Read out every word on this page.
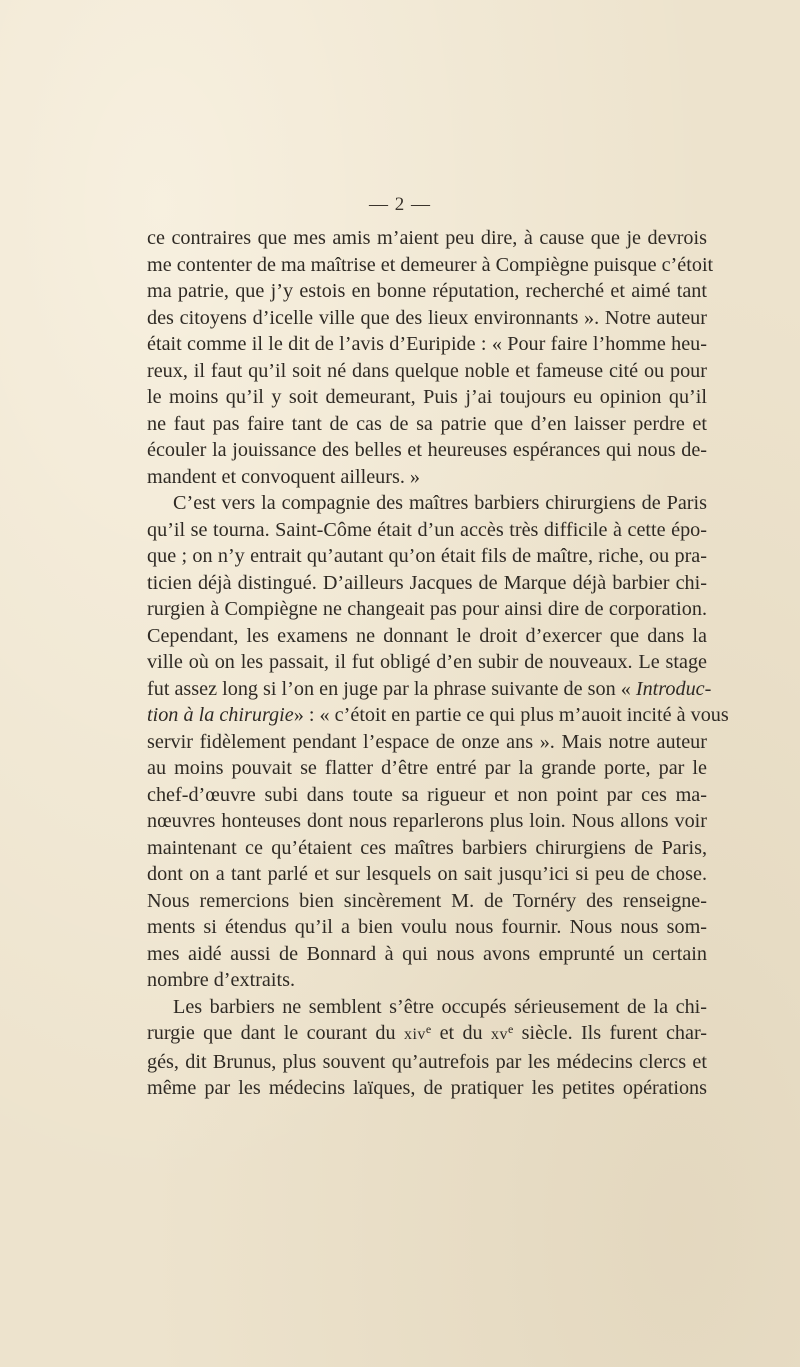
— 2 —

ce contraires que mes amis m’aient peu dire, à cause que je devrois
me contenter de ma maîtrise et demeurer à Compiègne puisque c’étoit
ma patrie, que j’y estois en bonne réputation, recherché et aimé tant
des citoyens d’icelle ville que des lieux environnants ». Notre auteur
était comme il le dit de l’avis d’Euripide : « Pour faire l’homme heu-
reux, il faut qu’il soit né dans quelque noble et fameuse cité ou pour
le moins qu’il y soit demeurant, Puis j’ai toujours eu opinion qu’il
ne faut pas faire tant de cas de sa patrie que d’en laisser perdre et
écouler la jouissance des belles et heureuses espérances qui nous de-
mandent et convoquent ailleurs. »

C’est vers la compagnie des maîtres barbiers chirurgiens de Paris
qu’il se tourna. Saint-Côme était d’un accès très difficile à cette épo-
que ; on n’y entrait qu’autant qu’on était fils de maître, riche, ou pra-
ticien déjà distingué. D’ailleurs Jacques de Marque déjà barbier chi-
rurgien à Compiègne ne changeait pas pour ainsi dire de corporation.
Cependant, les examens ne donnant le droit d’exercer que dans la
ville où on les passait, il fut obligé d’en subir de nouveaux. Le stage
fut assez long si l’on en juge par la phrase suivante de son « Introduc-
tion à la chirurgie» : « c’étoit en partie ce qui plus m’auoit incité à vous
servir fidèlement pendant l’espace de onze ans ». Mais notre auteur
au moins pouvait se flatter d’être entré par la grande porte, par le
chef-d’œuvre subi dans toute sa rigueur et non point par ces ma-
nœuvres honteuses dont nous reparlerons plus loin. Nous allons voir
maintenant ce qu’étaient ces maîtres barbiers chirurgiens de Paris,
dont on a tant parlé et sur lesquels on sait jusqu’ici si peu de chose.
Nous remercions bien sincèrement M. de Tornéry des renseigne-
ments si étendus qu’il a bien voulu nous fournir. Nous nous som-
mes aidé aussi de Bonnard à qui nous avons emprunté un certain
nombre d’extraits.

Les barbiers ne semblent s’être occupés sérieusement de la chi-
rurgie que dant le courant du xiv$^e$ et du $xv^e$ siècle. Ils furent char-
gés, dit Brunus, plus souvent qu’autrefois par les médecins clercs et
même par les médecins laïques, de pratiquer les petites opérations
